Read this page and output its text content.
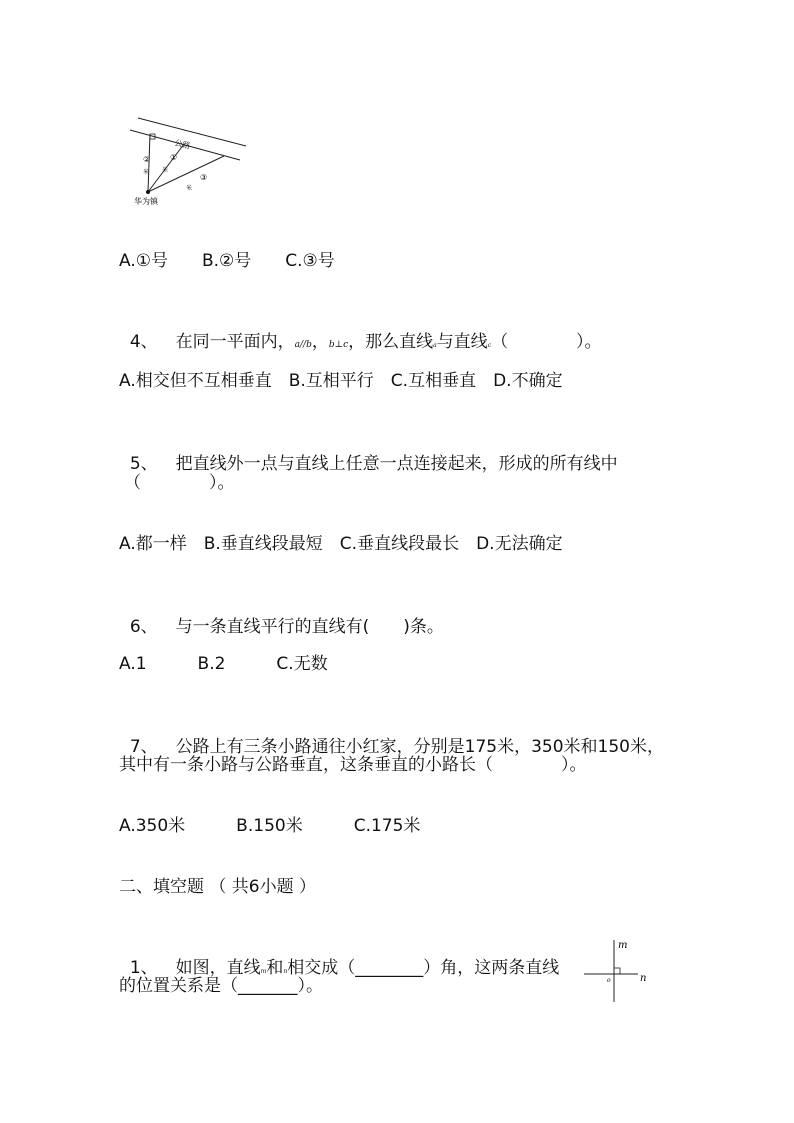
公路
② ①
③
米 米
米
华为镇
A.①号　　B.②号　　C.③号

4、 在同一平面内，a//b，b⊥c，那么直线a与直线c（　　　　）。

A.相交但不互相垂直　B.互相平行　C.互相垂直　D.不确定

5、 把直线外一点与直线上任意一点连接起来，形成的所有线中

（　　　　）。
A.都一样　B.垂直线段最短　C.垂直线段最长　D.无法确定

6、 与一条直线平行的直线有(　　)条。

A.1　　　B.2　　　C.无数

7、 公路上有三条小路通往小红家，分别是175米，350米和150米，

其中有一条小路与公路垂直，这条垂直的小路长（　　　　）。
A.350米　　　B.150米　　　C.175米
二、填空题 （ 共6小题 ）

1、 如图，直线m和n相交成（________）角，这两条直线

的位置关系是（_______）。
m
n
o
